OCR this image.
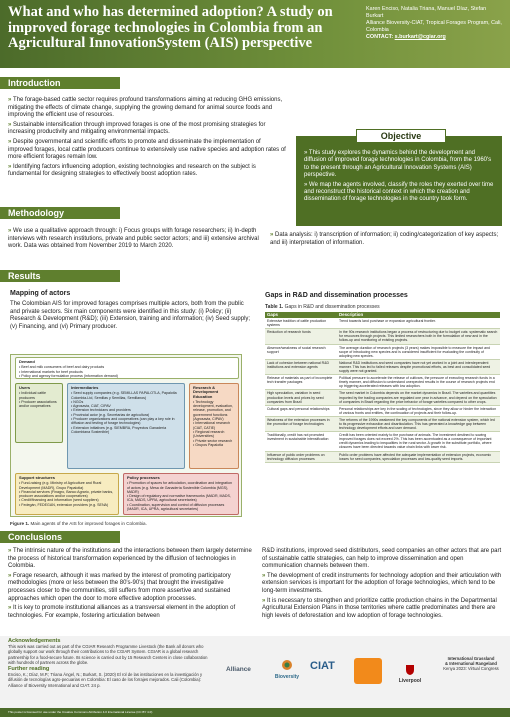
What and who has determined adoption? A study on improved forage technologies in Colombia from an Agricultural InnovationSystem (AIS) perspective
Karen Enciso, Natalia Triana, Manuel Díaz, Stefan Burkart
Alliance Bioversity-CIAT, Tropical Forages Program, Cali, Colombia
CONTACT: s.burkart@cgiar.org
Introduction

» The forage-based cattle sector requires profound transformations aiming at reducing GHG emissions, mitigating the effects of climate change, supplying the growing demand for animal source foods and improving the efficient use of resources.

» Sustainable intensification through improved forages is one of the most promising strategies for increasing productivity and mitigating environmental impacts.

» Despite governmental and scientific efforts to promote and disseminate the implementation of improved forages, local cattle producers continue to extensively use native species and adoption rates of more efficient forages remain low.

» Identifying factors influencing adoption, existing technologies and research on the subject is fundamental for designing strategies to effectively boost adoption rates.

Objective

» This study explores the dynamics behind the development and diffusion of improved forage technologies in Colombia, from the 1960's to the present through an Agricultural Innovation Systems (AIS) perspective.

» We map the agents involved, classify the roles they exerted over time and reconstruct the historical context in which the creation and dissemination of forage technologies in the country took form.

Methodology

» We use a qualitative approach through: i) Focus groups with forage researchers; ii) In-depth interviews with research institutions, private and public sector actors; and iii) extensive archival work. Data was obtained from November 2019 to March 2020.

» Data analysis: i) transcription of information; ii) coding/categorization of key aspects; and iii) interpretation of information.

Results
Mapping of actors
The Colombian AIS for improved forages comprises multiple actors, both from the public and private sectors. Six main components were identified in this study: (i) Policy; (ii) Research & Development (R&D); (iii) Extension, training and information; (iv) Seed supply; (v) Financing, and (vi) Primary producer.
Demand
• Beef and milk consumers of beef and dairy products
• International markets for beef products
• Policy and agency formulation process (information demand)
Users
• Individual cattle producers
• Producer associations and/or cooperatives
Intermediaries
• Seed supply companies (e.g. SEMILLAS PAPALOTLA, Papalotla Colombia-Ltd, Semillas y Semillas, Semillanos)
• NGOs
• Agrosavia, CIAT, CIPAV
• Extension technicians and providers
• Provincial actor (e.g. Secretarias de agricultura)
• Producer organizations and cooperatives (can play a key role in diffusion and testing of forage technologies)
• Extension initiatives (e.g. SIEMBRA, Proyectos Ganadería Colombiana Sostenible)
Research & Development Education
• Technology development, evaluation, release, promotion, and government functions (Agrosavia, CIPAV)
• International research (CIAT, CATIE)
• Regional research (Universities)
• Private sector research
• Grupos Papalotla
Support structures
• Fund-raising (e.g. Ministry of Agriculture and Rural Development (MADR), Grupo Papalotla)
• Financial services (Finagro, Banco Agrario, private banks, producer associations and/or cooperatives)
• Credit/financing and information (seed suppliers)
• Fedegán, FEDEGAN, extension providers (e.g. SENA)
Policy processes
• Promotion of spaces for articulation, coordination and integration of actors (e.g. Mesa de Ganadería Sostenible Colombia (MGS), MADR)
• Design of regulatory and normative frameworks (MADR, MADS, ICA, MADS, UPRA, agricultural secretaries)
• Coordination, supervision and control of diffusion processes (MADR, ICA, UPRA, agricultural secretaries)
Figure 1. Main agents of the AIS for improved forages in Colombia.
Gaps in R&D and dissemination processes
Table 1. Gaps in R&D and dissemination processes
Gaps	Description
Extensive tradition of cattle production systems	Trend towards land purchase or expansion agricultural frontier.
Reduction of research funds	In the 90s research institutions began a process of restructuring due to budget cuts: systematic search for resources through projects. This limited researchers both in the formulation of new and in the follow-up and monitoring of existing projects.
Absence/weakness of social research support	The average duration of research projects (3 years) makes impossible to measure the impact and scope of introducing new species and is considered insufficient for evaluating the continuity of adopting new species.
Lack of cohesion between national R&D institutions and extension agents	National R&D institutions and seed companies have not yet worked in a joint and interdependent manner. This has led to failed releases despite promotional efforts, as best and consolidated seed supply were not granted.
Release of materials as part of incomplete tech transfer packages	Political pressure to accelerate the release of cultivars, the pressure of executing research funds in a timely manner, and diffusion to understand unexpected results in the course of research projects end up triggering accelerated releases with low adoption.
High speculation, variation in seed production levels and prices by seed companies from Brazil	The seed market in Colombia depends on the market dynamics in Brazil. The varieties and quantities imported by the trading companies are regulated one year in advance, and depend on the speculation of companies in Brazil regarding the price behavior of forage varieties compared to other crops.
Cultural gaps and personal relationships	Personal relationships are key in the scaling of technologies, since they allow or hinder the interaction of various fronts and entities, the continuation of projects and their follow-up.
Weakness of the extension processes in the promotion of forage technologies	The reforms of the 1990s weakened the key components of the national extension system, which led to its progressive exhaustion and disarticulation. This has generated a knowledge gap between technology development efforts and user demand.
Traditionally, credit has not promoted investment in sustainable intensification	Credit has been oriented mainly to the purchase of animals. The investment destined to sowing improved forages does not exceed 2%. This has been accentuated as a consequence of important credit dynamics leading to inequalities in the rural sector. A growth in the substitute portfolio, where closures have been directed towards value chain links with lower risk.
Influence of public order problems on technology diffusion processes	Public order problems have affected the adequate implementation of extension projects, economic losses for seed companies, speculation processes and low-quality seed imports.
Conclusions

» The intrinsic nature of the institutions and the interactions between them largely determine the process of historical transformation experienced by the diffusion of technologies in Colombia.

» Forage research, although it was marked by the interest of promoting participatory methodologies (more or less between the 80's-90's) that brought the investigative processes closer to the communities, still suffers from more assertive and sustained approaches which open the door to more effective adoption processes.

» It is key to promote institutional alliances as a transversal element in the adoption of technologies. For example, fostering articulation between

R&D institutions, improved seed distributors, seed companies an other actors that are part of sustainable cattle strategies, can help to improve dissemination and open communication channels between them.

» The development of credit instruments for technology adoption and their articulation with extension services is important for the adoption of forage technologies, which tend to be long-term investments.

» It is necessary to strengthen and prioritize cattle production chains in the Departmental Agricultural Extension Plans in those territories where cattle predominates and there are high levels of deforestation and low adoption of forage technologies.

Acknowledgements
This work was carried out as part of the CGIAR Research Programme Livestock (the Bank all donors who globally support our work through their contributions to the CGIAR System. CGIAR is a global research partnership for a food-secure future. Its science is carried out by 15 Research Centers in close collaboration with hundreds of partners across the globe.
Further reading
Enciso, K.; Díaz, M.P.; Triana Ángel, N.; Burkart, S. (2020) El rol de las instituciones en la investigación y difusión de tecnologías agro-pecuarias en Colombia: El caso de los forrajes mejorados. Cali (Colombia): Alliance of Bioversity International and CIAT. 24 p.
Alliance
Bioversity
CIAT
Liverpool
International Grassland
& International Rangeland
Kenya 2023: Virtual Congress
This poster is licensed for use under the Creative Commons Attribution 4.0 International License (CC BY 4.0)
